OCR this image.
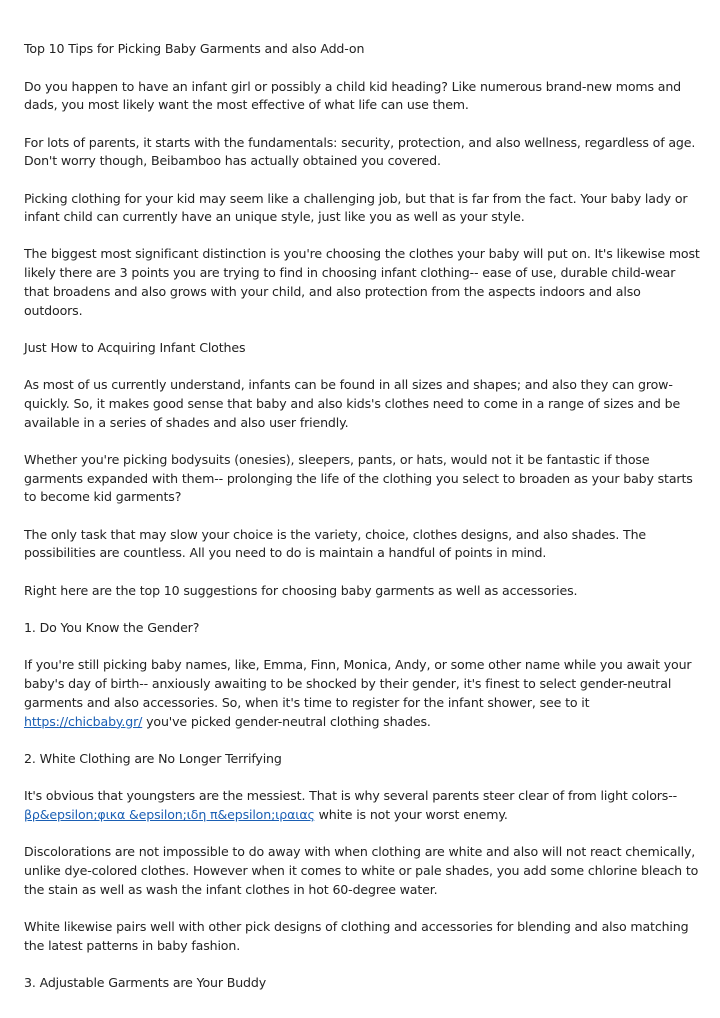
Top 10 Tips for Picking Baby Garments and also Add-on

Do you happen to have an infant girl or possibly a child kid heading? Like numerous brand-new moms and dads, you most likely want the most effective of what life can use them.

For lots of parents, it starts with the fundamentals: security, protection, and also wellness, regardless of age. Don't worry though, Beibamboo has actually obtained you covered.

Picking clothing for your kid may seem like a challenging job, but that is far from the fact. Your baby lady or infant child can currently have an unique style, just like you as well as your style.

The biggest most significant distinction is you're choosing the clothes your baby will put on. It's likewise most likely there are 3 points you are trying to find in choosing infant clothing-- ease of use, durable child-wear that broadens and also grows with your child, and also protection from the aspects indoors and also outdoors.

Just How to Acquiring Infant Clothes

As most of us currently understand, infants can be found in all sizes and shapes; and also they can grow-quickly. So, it makes good sense that baby and also kids's clothes need to come in a range of sizes and be available in a series of shades and also user friendly.

Whether you're picking bodysuits (onesies), sleepers, pants, or hats, would not it be fantastic if those garments expanded with them-- prolonging the life of the clothing you select to broaden as your baby starts to become kid garments?

The only task that may slow your choice is the variety, choice, clothes designs, and also shades. The possibilities are countless. All you need to do is maintain a handful of points in mind.

Right here are the top 10 suggestions for choosing baby garments as well as accessories.

1. Do You Know the Gender?

If you're still picking baby names, like, Emma, Finn, Monica, Andy, or some other name while you await your baby's day of birth-- anxiously awaiting to be shocked by their gender, it's finest to select gender-neutral garments and also accessories. So, when it's time to register for the infant shower, see to it https://chicbaby.gr/ you've picked gender-neutral clothing shades.

2. White Clothing are No Longer Terrifying

It's obvious that youngsters are the messiest. That is why several parents steer clear of from light colors-- βρ&epsilon;φικα &epsilon;ιδη π&epsilon;ιραιας white is not your worst enemy.

Discolorations are not impossible to do away with when clothing are white and also will not react chemically, unlike dye-colored clothes. However when it comes to white or pale shades, you add some chlorine bleach to the stain as well as wash the infant clothes in hot 60-degree water.

White likewise pairs well with other pick designs of clothing and accessories for blending and also matching the latest patterns in baby fashion.

3. Adjustable Garments are Your Buddy
